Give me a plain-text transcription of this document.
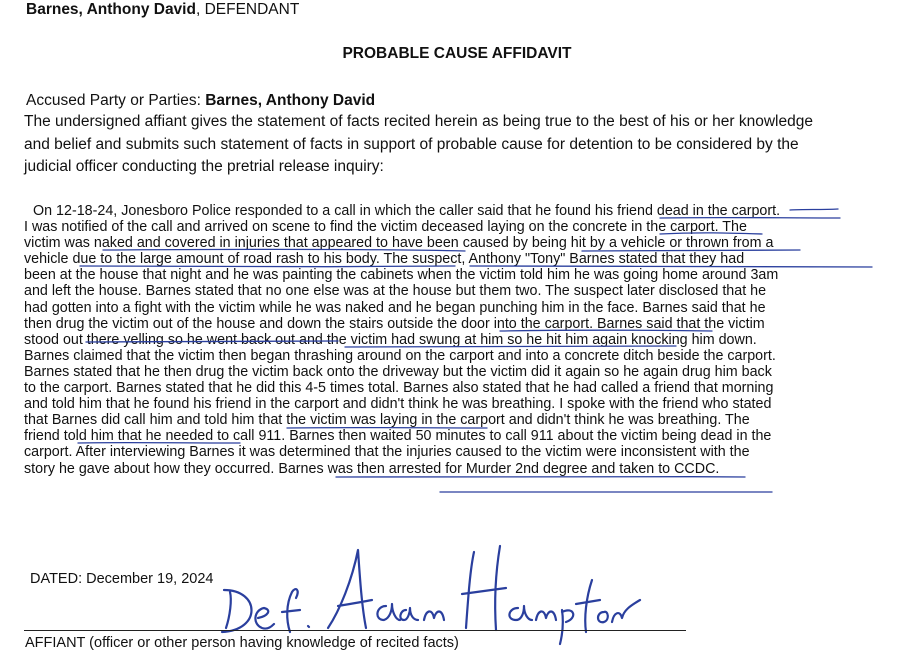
Barnes, Anthony David, DEFENDANT
PROBABLE CAUSE AFFIDAVIT
Accused Party or Parties: Barnes, Anthony David
The undersigned affiant gives the statement of facts recited herein as being true to the best of his or her knowledge
and belief and submits such statement of facts in support of probable cause for detention to be considered by the
judicial officer conducting the pretrial release inquiry:
On 12-18-24, Jonesboro Police responded to a call in which the caller said that he found his friend dead in the carport.
I was notified of the call and arrived on scene to find the victim deceased laying on the concrete in the carport. The
victim was naked and covered in injuries that appeared to have been caused by being hit by a vehicle or thrown from a
vehicle due to the large amount of road rash to his body. The suspect, Anthony "Tony" Barnes stated that they had
been at the house that night and he was painting the cabinets when the victim told him he was going home around 3am
and left the house. Barnes stated that no one else was at the house but them two. The suspect later disclosed that he
had gotten into a fight with the victim while he was naked and he began punching him in the face. Barnes said that he
then drug the victim out of the house and down the stairs outside the door into the carport. Barnes said that the victim
stood out there yelling so he went back out and the victim had swung at him so he hit him again knocking him down.
Barnes claimed that the victim then began thrashing around on the carport and into a concrete ditch beside the carport.
Barnes stated that he then drug the victim back onto the driveway but the victim did it again so he again drug him back
to the carport. Barnes stated that he did this 4-5 times total. Barnes also stated that he had called a friend that morning
and told him that he found his friend in the carport and didn't think he was breathing. I spoke with the friend who stated
that Barnes did call him and told him that the victim was laying in the carport and didn't think he was breathing. The
friend told him that he needed to call 911. Barnes then waited 50 minutes to call 911 about the victim being dead in the
carport. After interviewing Barnes it was determined that the injuries caused to the victim were inconsistent with the
story he gave about how they occurred. Barnes was then arrested for Murder 2nd degree and taken to CCDC.
DATED: December 19, 2024
AFFIANT (officer or other person having knowledge of recited facts)
